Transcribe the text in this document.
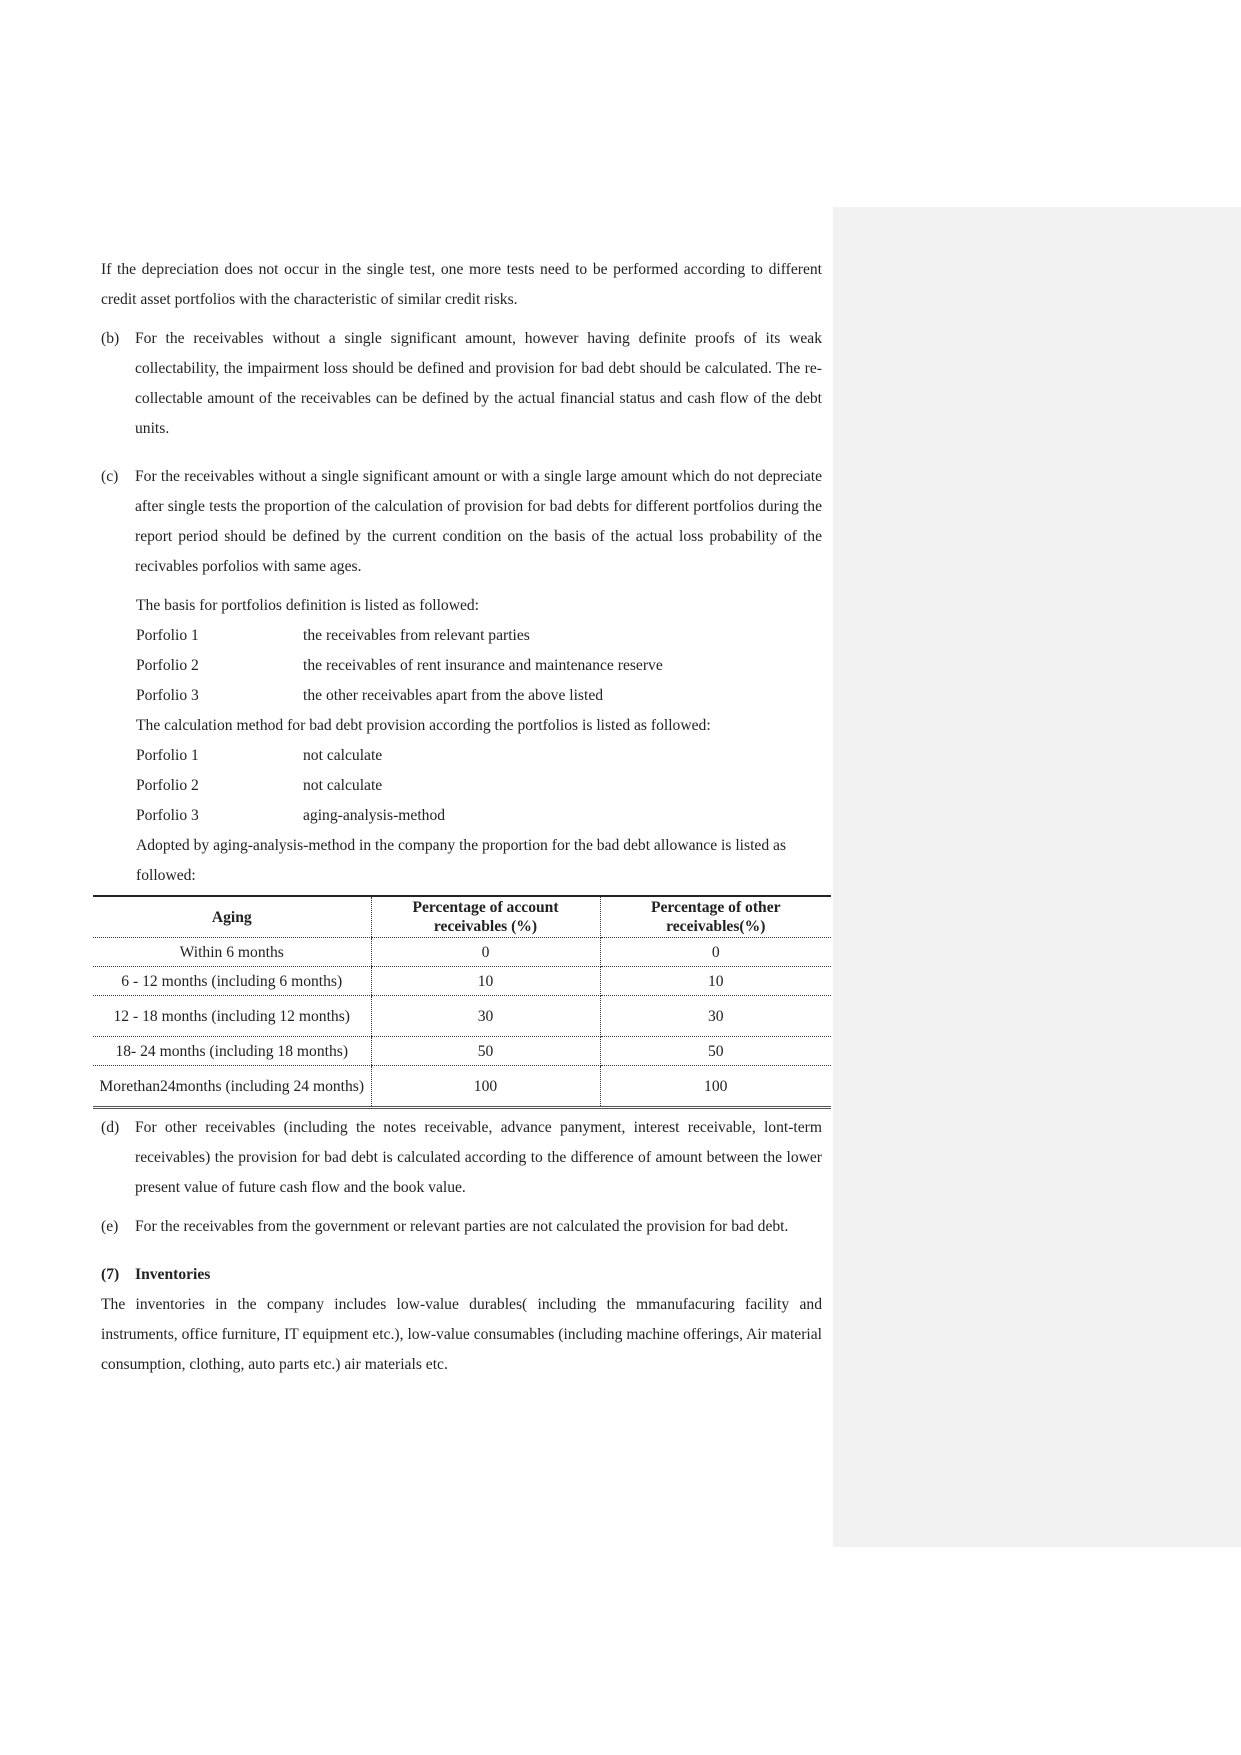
If the depreciation does not occur in the single test, one more tests need to be performed according to different credit asset portfolios with the characteristic of similar credit risks.

(b) For the receivables without a single significant amount, however having definite proofs of its weak collectability, the impairment loss should be defined and provision for bad debt should be calculated. The re-collectable amount of the receivables can be defined by the actual financial status and cash flow of the debt units.
(c) For the receivables without a single significant amount or with a single large amount which do not depreciate after single tests the proportion of the calculation of provision for bad debts for different portfolios during the report period should be defined by the current condition on the basis of the actual loss probability of the recivables porfolios with same ages.

The basis for portfolios definition is listed as followed:

Porfolio 1	the receivables from relevant parties
Porfolio 2	the receivables of rent insurance and maintenance reserve
Porfolio 3	the other receivables apart from the above listed

The calculation method for bad debt provision according the portfolios is listed as followed:

Porfolio 1	not calculate
Porfolio 2	not calculate
Porfolio 3	aging-analysis-method

Adopted by aging-analysis-method in the company the proportion for the bad debt allowance is listed as followed:

Aging	Percentage of account receivables (%)	Percentage of other receivables(%)
Within 6 months	0	0
6 - 12 months (including 6 months)	10	10
12 - 18 months (including 12 months)	30	30
18- 24 months (including 18 months)	50	50
Morethan24months (including 24 months)	100	100
(d) For other receivables (including the notes receivable, advance panyment, interest receivable, lont-term receivables) the provision for bad debt is calculated according to the difference of amount between the lower present value of future cash flow and the book value.
(e) For the receivables from the government or relevant parties are not calculated the provision for bad debt.

(7) Inventories

The inventories in the company includes low-value durables( including the mmanufacuring facility and instruments, office furniture, IT equipment etc.), low-value consumables (including machine offerings, Air material consumption, clothing, auto parts etc.) air materials etc.
